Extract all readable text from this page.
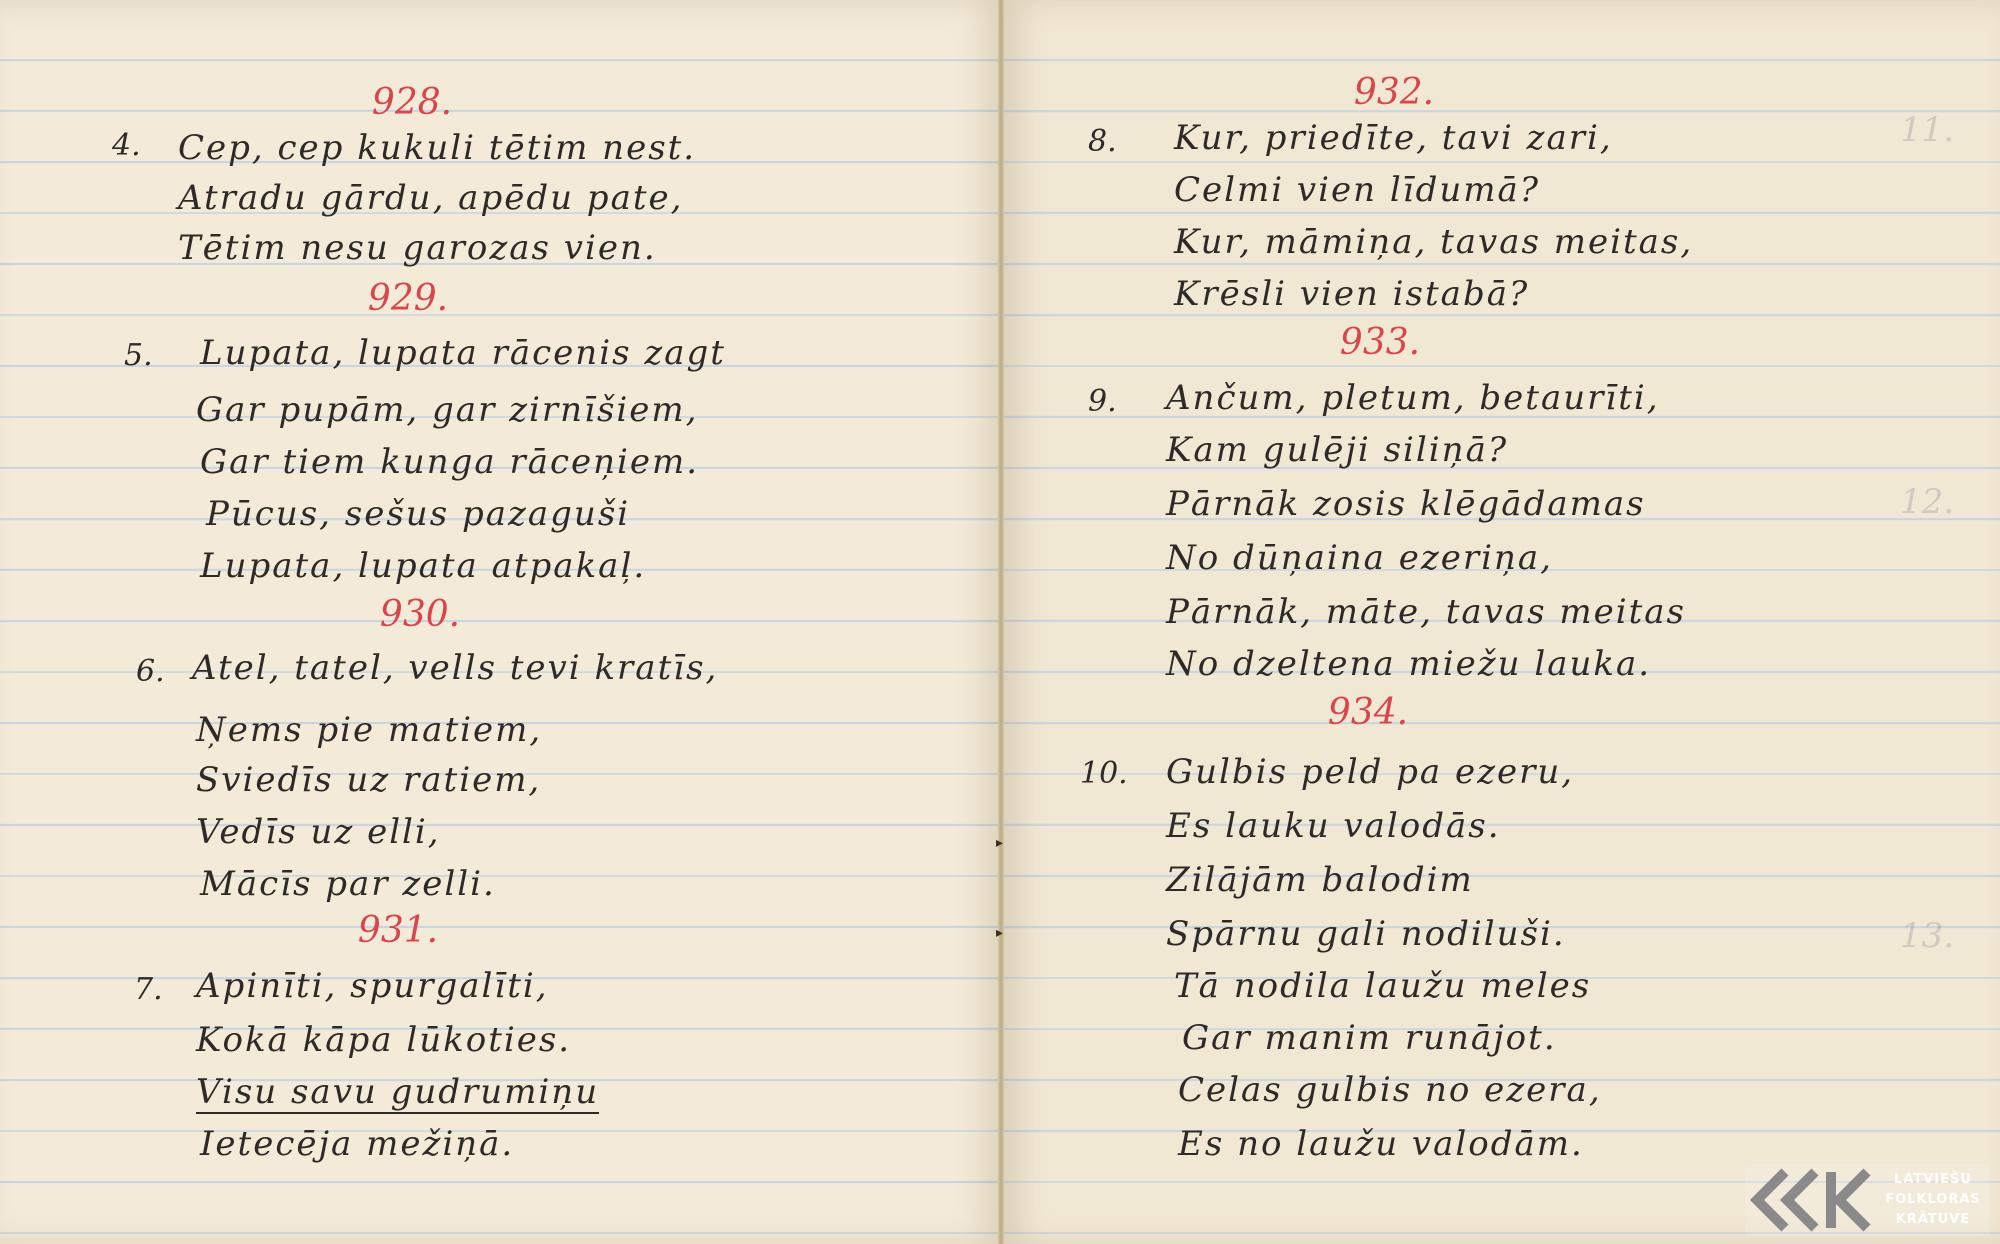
928.
4. Cep, cep kukuli tētim nest.
Atradu gārdu, apēdu pate,
Tētim nesu garozas vien.
929.
5. Lupata, lupata rācenis zagt
Gar pupām, gar zirnīšiem,
Gar tiem kunga rāceņiem.
Pūcus, sešus pazaguši
Lupata, lupata atpakaļ.
930.
6. Atel, tatel, vells tevi kratīs,
Ņems pie matiem,
Sviedīs uz ratiem,
Vedīs uz elli,
Mācīs par zelli.
931.
7. Apinīti, spurgalīti,
Kokā kāpa lūkoties.
Visu savu gudrumiņu
Ietecēja mežiņā.
932.
8. Kur, priedīte, tavi zari,
Celmi vien līdumā?
Kur, māmiņa, tavas meitas,
Krēsli vien istabā?
933.
9. Ančum, pletum, betaurīti,
Kam gulēji siliņā?
Pārnāk zosis klēgādamas
No dūņaina ezeriņa,
Pārnāk, māte, tavas meitas
No dzeltena miežu lauka.
934.
10. Gulbis peld pa ezeru,
Es lauku valodās.
Zilājām balodim
Spārnu gali nodiluši.
Tā nodila laužu meles
Gar manim runājot.
Celas gulbis no ezera,
Es no laužu valodām.
11.
12.
13.
▸
▸
LATVIEŠU
FOLKLORAS
KRĀTUVE
